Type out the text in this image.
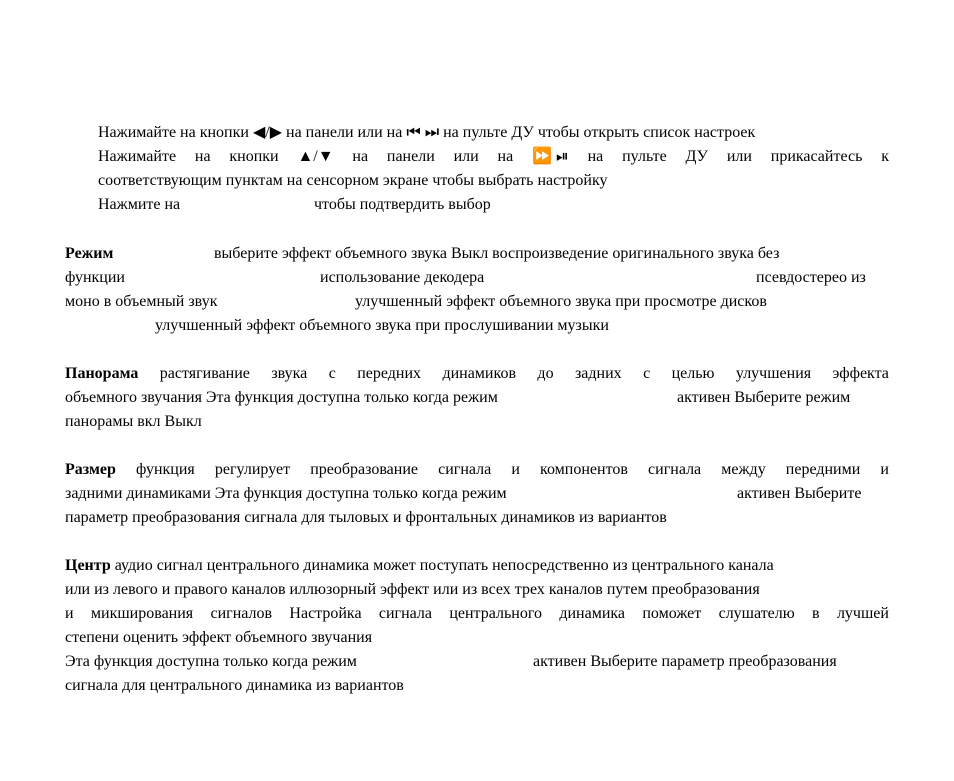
Нажимайте на кнопки ◀/▶ на панели или на ⏮ ⏭ на пульте ДУ чтобы открыть список настроек
Нажимайте на кнопки ▲/▼ на панели или на ⏩ ⏯ на пульте ДУ или прикасайтесь к
соответствующим пунктам на сенсорном экране чтобы выбрать настройку
Нажмите на	чтобы подтвердить выбор
Режим	выберите эффект объемного звука Выкл воспроизведение оригинального звука без
функции	использование декодера	псевдостерео из
моно в объемный звук	улучшенный эффект объемного звука при просмотре дисков
улучшенный эффект объемного звука при прослушивании музыки
Панорама растягивание звука с передних динамиков до задних с целью улучшения эффекта
объемного звучания Эта функция доступна только когда режим	активен Выберите режим
панорамы вкл Выкл
Размер функция регулирует преобразование сигнала и компонентов сигнала между передними и
задними динамиками Эта функция доступна только когда режим	активен Выберите
параметр преобразования сигнала для тыловых и фронтальных динамиков из вариантов
Центр аудио сигнал центрального динамика может поступать непосредственно из центрального канала
или из левого и правого каналов иллюзорный эффект или из всех трех каналов путем преобразования
и микширования сигналов Настройка сигнала центрального динамика поможет слушателю в лучшей
степени оценить эффект объемного звучания
Эта функция доступна только когда режим	активен Выберите параметр преобразования
сигнала для центрального динамика из вариантов
